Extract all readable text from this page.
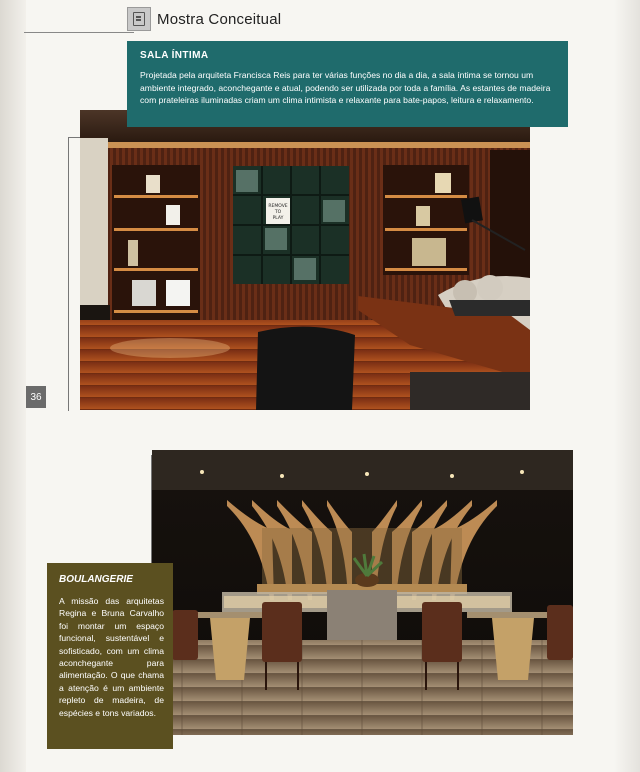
Mostra Conceitual
REMOVE
TO
PLAY
36
SALA ÍNTIMA
Projetada pela arquiteta Francisca Reis para ter várias funções no dia a dia, a sala íntima se tornou um ambiente integrado, aconchegante e atual, podendo ser utilizada por toda a família. As estantes de madeira com prateleiras iluminadas criam um clima intimista e relaxante para bate-papos, leitura e relaxamento.
BOULANGERIE
A missão das arquitetas Regina e Bruna Carvalho foi montar um espaço funcional, sustentável e sofisticado, com um clima aconchegante para alimentação. O que chama a atenção é um ambiente repleto de madeira, de espécies e tons variados.
